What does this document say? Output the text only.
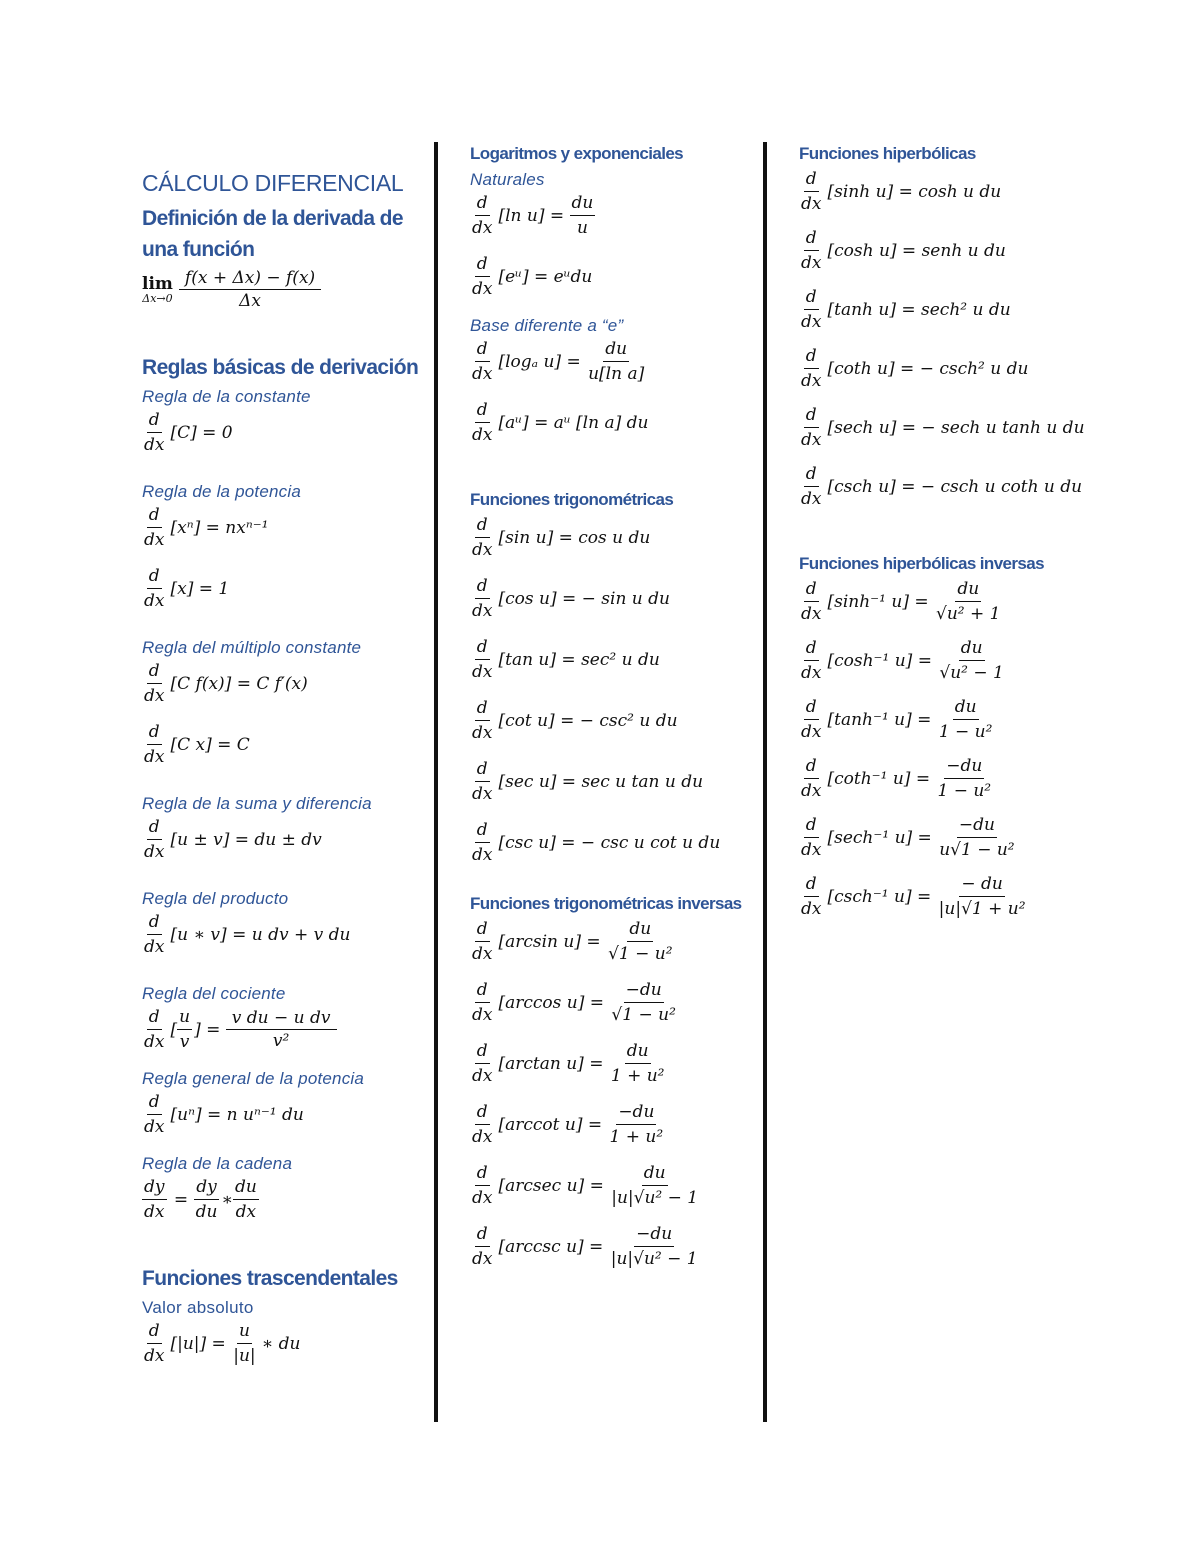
CÁLCULO DIFERENCIAL
Definición de la derivada de una función
lim
$\Delta x\to 0 \frac{f(x + \Delta x) - f(x)}{\Delta x}$
Reglas básicas de derivación
Regla de la constante
$\frac{d}{dx} [C] = 0$
Regla de la potencia
$\frac{d}{dx} [x^n] = nx^{n-1}$
$\frac{d}{dx} [x] = 1$
Regla del múltiplo constante
$\frac{d}{dx} [C$ f(x)] = C f′(x)
$\frac{d}{dx} [C$ x] = C
Regla de la suma y diferencia
$\frac{d}{dx} [u \pm v]$ = du ± dv
Regla del producto
$\frac{d}{dx} [u$ ∗ v] = u dv + v du
Regla del cociente
$\frac{d}{dx}$ [ $\frac{u}{v}$ ] = $\frac{\text{v du − u dv}}{\text{v²}}$
Regla general de la potencia
$\frac{d}{dx} [u^n] = n$ uⁿ⁻¹ du
Regla de la cadena
$\frac{dy}{dx} = \frac{dy}{du}$ ∗ $\frac{du}{dx}$
Funciones trascendentales
Valor absoluto
$\frac{d}{dx} [|u|]$ =
$\frac{u}{|u|}$ ∗ du
Logaritmos y exponenciales
Naturales
$\frac{d}{dx} [\ln$ u] =
$\frac{du}{u}$
$\frac{d}{dx}$ [eᵘ] = eᵘdu
Base diferente a “e”
$\frac{d}{dx} [\log_a$ u] =
$\frac{du}{\text{u[ln a]}}$
$\frac{d}{dx}$ [aᵘ] = aᵘ [ln a] du
Funciones trigonométricas
$\frac{d}{dx} [\sin$ u] = cos u du
$\frac{d}{dx} [\cos$ u] = − sin u du
$\frac{d}{dx} [\tan$ u] = sec² u du
$\frac{d}{dx} [\cot$ u] = − csc² u du
$\frac{d}{dx} [\sec$ u] = sec u tan u du
$\frac{d}{dx} [\csc$ u] = − csc u cot u du
Funciones trigonométricas inversas
$\frac{d}{dx} [\arcsin$ u] =
$\frac{du}{\text{√1 − u²}}$
$\frac{d}{dx} [\arccos$ u] =
$\frac{-du}{\text{√1 − u²}}$
$\frac{d}{dx} [\arctan$ u] =
$\frac{du}{\text{1 + u²}}$
$\frac{d}{dx} [arccot$ u] =
$\frac{-du}{\text{1 + u²}}$
$\frac{d}{dx} [arcsec$ u] =
$\frac{du}{\text{|u|√u² − 1}}$
$\frac{d}{dx} [arccsc$ u] =
$\frac{-du}{\text{|u|√u² − 1}}$
Funciones hiperbólicas
$\frac{d}{dx} [\sinh$ u] = cosh u du
$\frac{d}{dx} [\cosh$ u] = senh u du
$\frac{d}{dx} [\tanh$ u] = sech² u du
$\frac{d}{dx} [\cot h$ u] = − csch² u du
$\frac{d}{dx} [\sec h$ u] = − sech u tanh u du
$\frac{d}{dx} [\csc h$ u] = − csch u coth u du
Funciones hiperbólicas inversas
$\frac{d}{dx} [\sinh^{-1}$ u] =
$\frac{du}{\text{√u² + 1}}$
$\frac{d}{dx} [\cosh^{-1}$ u] =
$\frac{du}{\text{√u² − 1}}$
$\frac{d}{dx} [\tanh^{-1}$ u] =
$\frac{du}{\text{1 − u²}}$
$\frac{d}{dx} [\cot h^{-1}$ u] =
$\frac{-du}{\text{1 − u²}}$
$\frac{d}{dx} [\sec h^{-1}$ u] =
$\frac{-du}{\text{u√1 − u²}}$
$\frac{d}{dx} [\csc h^{-1}$ u] =
$\frac{- du}{\text{|u|√1 + u²}}$
